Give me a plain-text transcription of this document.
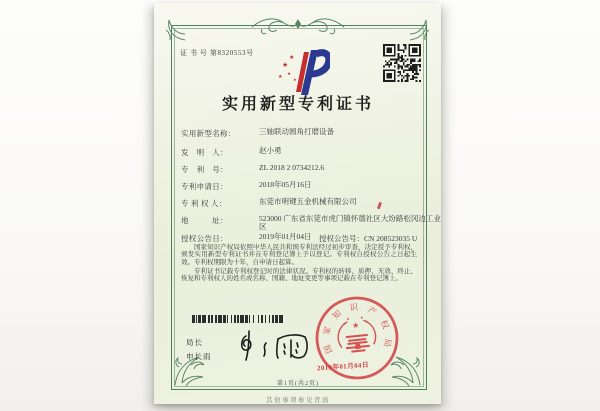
证 书 号 第8320553号
★
★
★
★
★
实用新型专利证书
实用新型名称：	三轴联动圆角打磨设备
发　明　人：	赵小勇
专　利　号：	ZL 2018 2 0734212.6
专利申请日：	2018年05月16日
专 利 权 人：	东莞市明键五金机械有限公司
地　　　址：	523000 广东省东莞市虎门镇怀德社区大坋路松冈边工业区
授权公告日：	2019年01月04日	授权公告号：CN 208523035 U

国家知识产权局依照中华人民共和国专利法经过初步审查，决定授予专利权，颁发实用新型专利证书并在专利登记簿上予以登记。专利权自授权公告之日起生效。专利权期限为十年，自申请日起算。

专利证书记载专利权登记时的法律状况。专利权的转移、质押、无效、终止、恢复和专利权人的姓名或名称、国籍、地址变更等事项记载在专利登记簿上。

局长
申长雨
国
家
知
识 产
权
局
★
★
★ ★
★
2019年01月04日
第1页(共2页)
其他事项参见背面
